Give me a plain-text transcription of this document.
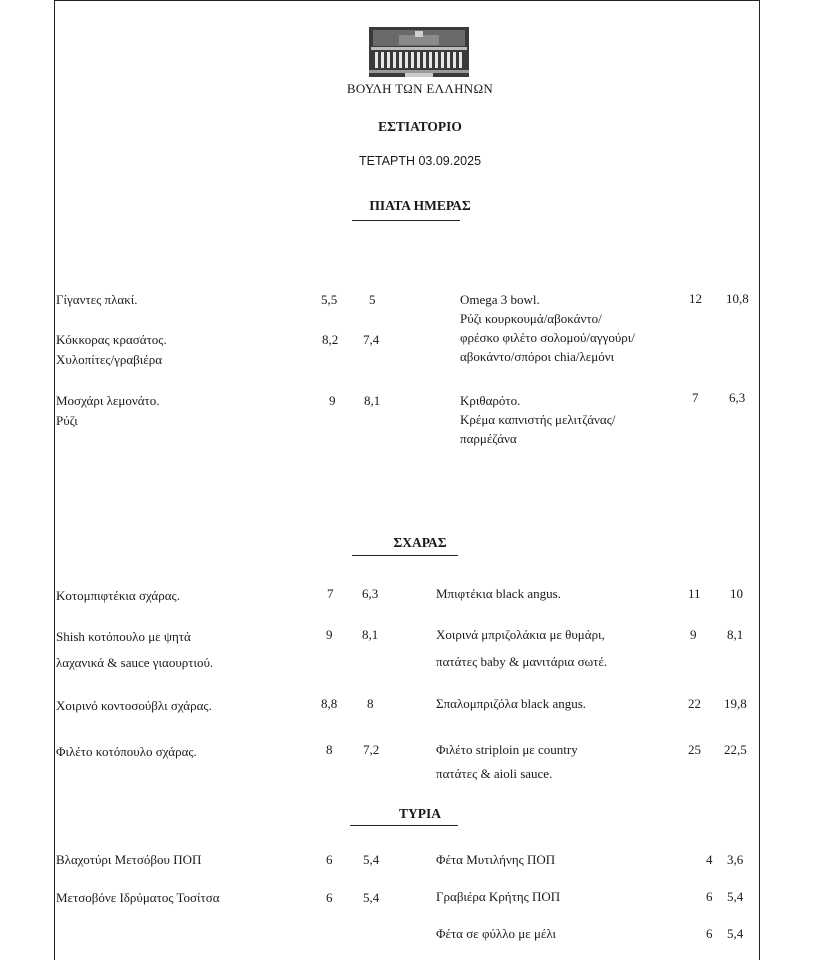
ΒΟΥΛΗ ΤΩΝ ΕΛΛΗΝΩΝ
ΕΣΤΙΑΤΟΡΙΟ
ΤΕΤΑΡΤΗ 03.09.2025
ΠΙΑΤΑ ΗΜΕΡΑΣ
Γίγαντες πλακί.	5,5 5
Κόκκορας κρασάτος.
Χυλοπίτες/γραβιέρα
8,2 7,4
Μοσχάρι λεμονάτο.
Ρύζι
9 8,1
Omega 3 bowl.
Ρύζι κουρκουμά/αβοκάντο/
φρέσκο φιλέτο σολομού/αγγούρι/
αβοκάντο/σπόροι chia/λεμόνι
12 10,8
Κριθαρότο.
Κρέμα καπνιστής μελιτζάνας/
παρμέζάνα
7 6,3
ΣΧΑΡΑΣ
Κοτομπιφτέκια σχάρας.	7 6,3
Shish κοτόπουλο με ψητά
λαχανικά & sauce γιαουρτιού.
9 8,1
Χοιρινό κοντοσούβλι σχάρας.	8,8 8
Φιλέτο κοτόπουλο σχάρας.	8 7,2
Μπιφτέκια black angus.	11 10
Χοιρινά μπριζολάκια με θυμάρι,
πατάτες baby & μανιτάρια σωτέ.
9 8,1
Σπαλομπριζόλα black angus.	22 19,8
Φιλέτο striploin με country
πατάτες & aioli sauce.
25 22,5
ΤΥΡΙΑ
Βλαχοτύρι Μετσόβου ΠΟΠ	6 5,4
Μετσοβόνε Ιδρύματος Τοσίτσα	6 5,4
Φέτα Μυτιλήνης ΠΟΠ	4 3,6
Γραβιέρα Κρήτης ΠΟΠ	6 5,4
Φέτα σε φύλλο με μέλι	6 5,4
